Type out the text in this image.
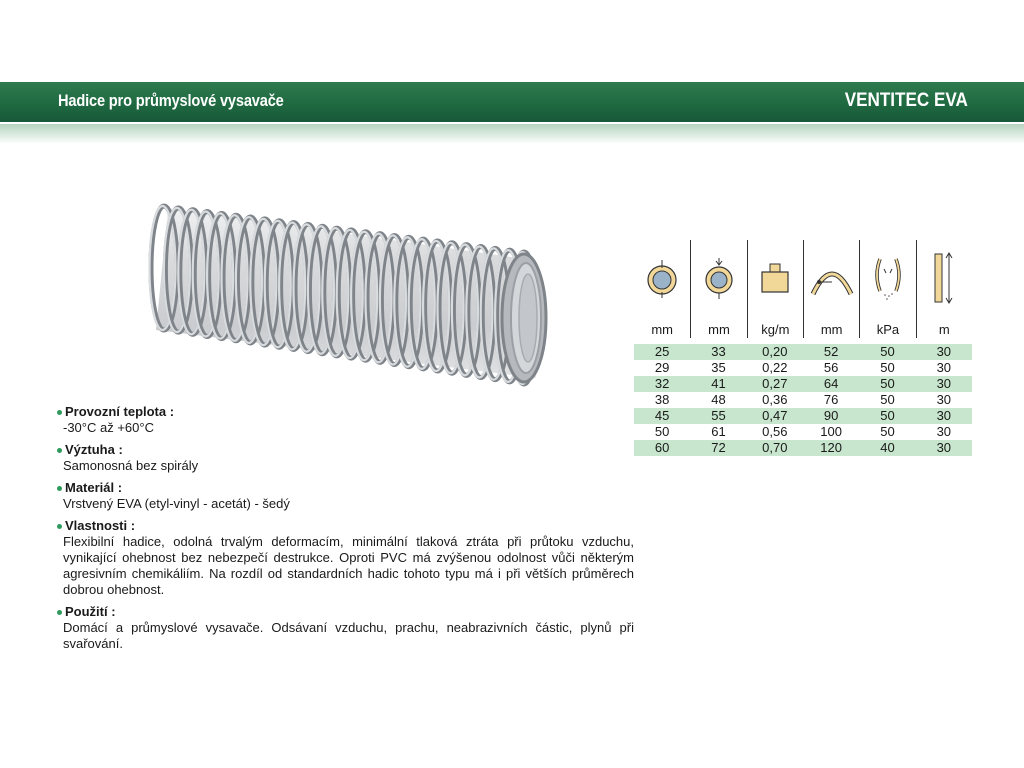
Hadice pro průmyslové vysavače	VENTITEC EVA
Provozní teplota :
-30°C až +60°C
Výztuha :
Samonosná bez spirály
Materiál :
Vrstvený EVA (etyl-vinyl - acetát) - šedý
Vlastnosti :
Flexibilní hadice, odolná trvalým deformacím, minimální tlaková ztráta při průtoku vzduchu, vynikající ohebnost bez nebezpečí destrukce. Oproti PVC má zvýšenou odolnost vůči některým agresivním chemikáliím. Na rozdíl od standardních hadic tohoto typu má i při větších průměrech dobrou ohebnost.
Použití :
Domácí a průmyslové vysavače. Odsávaní vzduchu, prachu, neabrazivních částic, plynů při svařování.
mm	mm	kg/m	mm	kPa	m
25	33	0,20	52	50	30
29	35	0,22	56	50	30
32	41	0,27	64	50	30
38	48	0,36	76	50	30
45	55	0,47	90	50	30
50	61	0,56	100	50	30
60	72	0,70	120	40	30
